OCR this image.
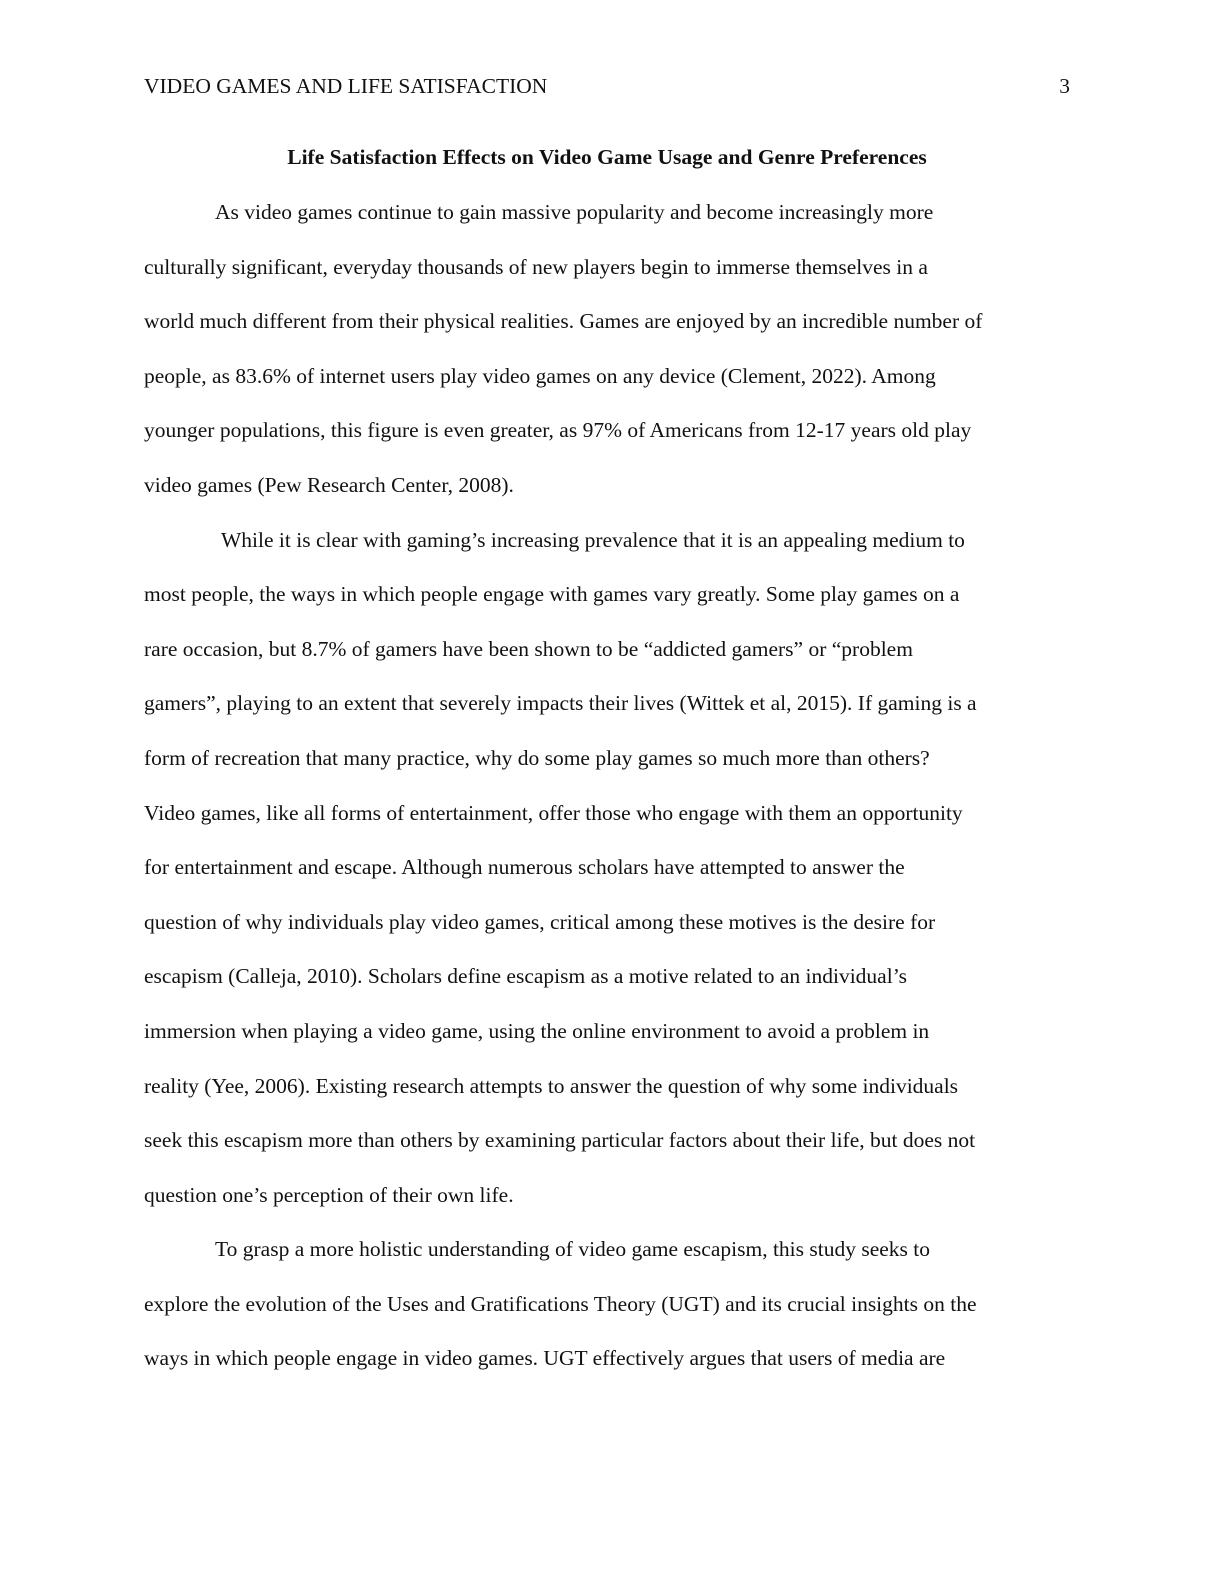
VIDEO GAMES AND LIFE SATISFACTION	3
Life Satisfaction Effects on Video Game Usage and Genre Preferences
As video games continue to gain massive popularity and become increasingly more
culturally significant, everyday thousands of new players begin to immerse themselves in a
world much different from their physical realities. Games are enjoyed by an incredible number of
people, as 83.6% of internet users play video games on any device (Clement, 2022). Among
younger populations, this figure is even greater, as 97% of Americans from 12-17 years old play
video games (Pew Research Center, 2008).
While it is clear with gaming’s increasing prevalence that it is an appealing medium to
most people, the ways in which people engage with games vary greatly. Some play games on a
rare occasion, but 8.7% of gamers have been shown to be “addicted gamers” or “problem
gamers”, playing to an extent that severely impacts their lives (Wittek et al, 2015). If gaming is a
form of recreation that many practice, why do some play games so much more than others?
Video games, like all forms of entertainment, offer those who engage with them an opportunity
for entertainment and escape. Although numerous scholars have attempted to answer the
question of why individuals play video games, critical among these motives is the desire for
escapism (Calleja, 2010). Scholars define escapism as a motive related to an individual’s
immersion when playing a video game, using the online environment to avoid a problem in
reality (Yee, 2006). Existing research attempts to answer the question of why some individuals
seek this escapism more than others by examining particular factors about their life, but does not
question one’s perception of their own life.
To grasp a more holistic understanding of video game escapism, this study seeks to
explore the evolution of the Uses and Gratifications Theory (UGT) and its crucial insights on the
ways in which people engage in video games. UGT effectively argues that users of media are
